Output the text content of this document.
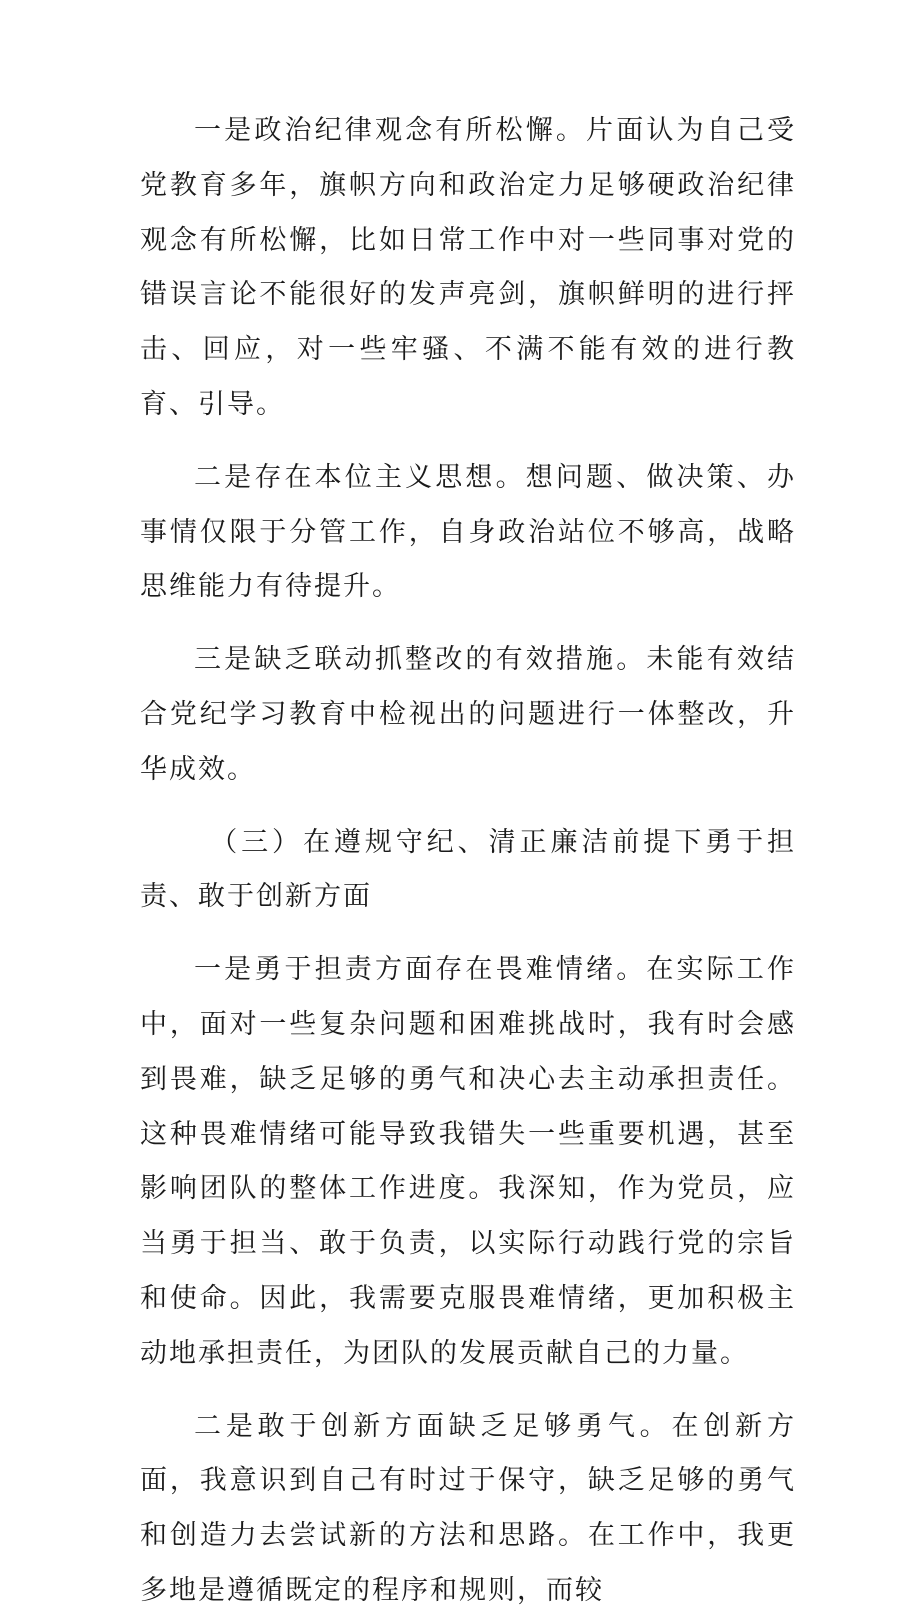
一是政治纪律观念有所松懈。片面认为自己受党教育多年，旗帜方向和政治定力足够硬政治纪律观念有所松懈，比如日常工作中对一些同事对党的错误言论不能很好的发声亮剑，旗帜鲜明的进行抨击、回应，对一些牢骚、不满不能有效的进行教育、引导。

二是存在本位主义思想。想问题、做决策、办事情仅限于分管工作，自身政治站位不够高，战略思维能力有待提升。

三是缺乏联动抓整改的有效措施。未能有效结合党纪学习教育中检视出的问题进行一体整改，升华成效。

（三）在遵规守纪、清正廉洁前提下勇于担责、敢于创新方面

一是勇于担责方面存在畏难情绪。在实际工作中，面对一些复杂问题和困难挑战时，我有时会感到畏难，缺乏足够的勇气和决心去主动承担责任。这种畏难情绪可能导致我错失一些重要机遇，甚至影响团队的整体工作进度。我深知，作为党员，应当勇于担当、敢于负责，以实际行动践行党的宗旨和使命。因此，我需要克服畏难情绪，更加积极主动地承担责任，为团队的发展贡献自己的力量。

二是敢于创新方面缺乏足够勇气。在创新方面，我意识到自己有时过于保守，缺乏足够的勇气和创造力去尝试新的方法和思路。在工作中，我更多地是遵循既定的程序和规则，而较
